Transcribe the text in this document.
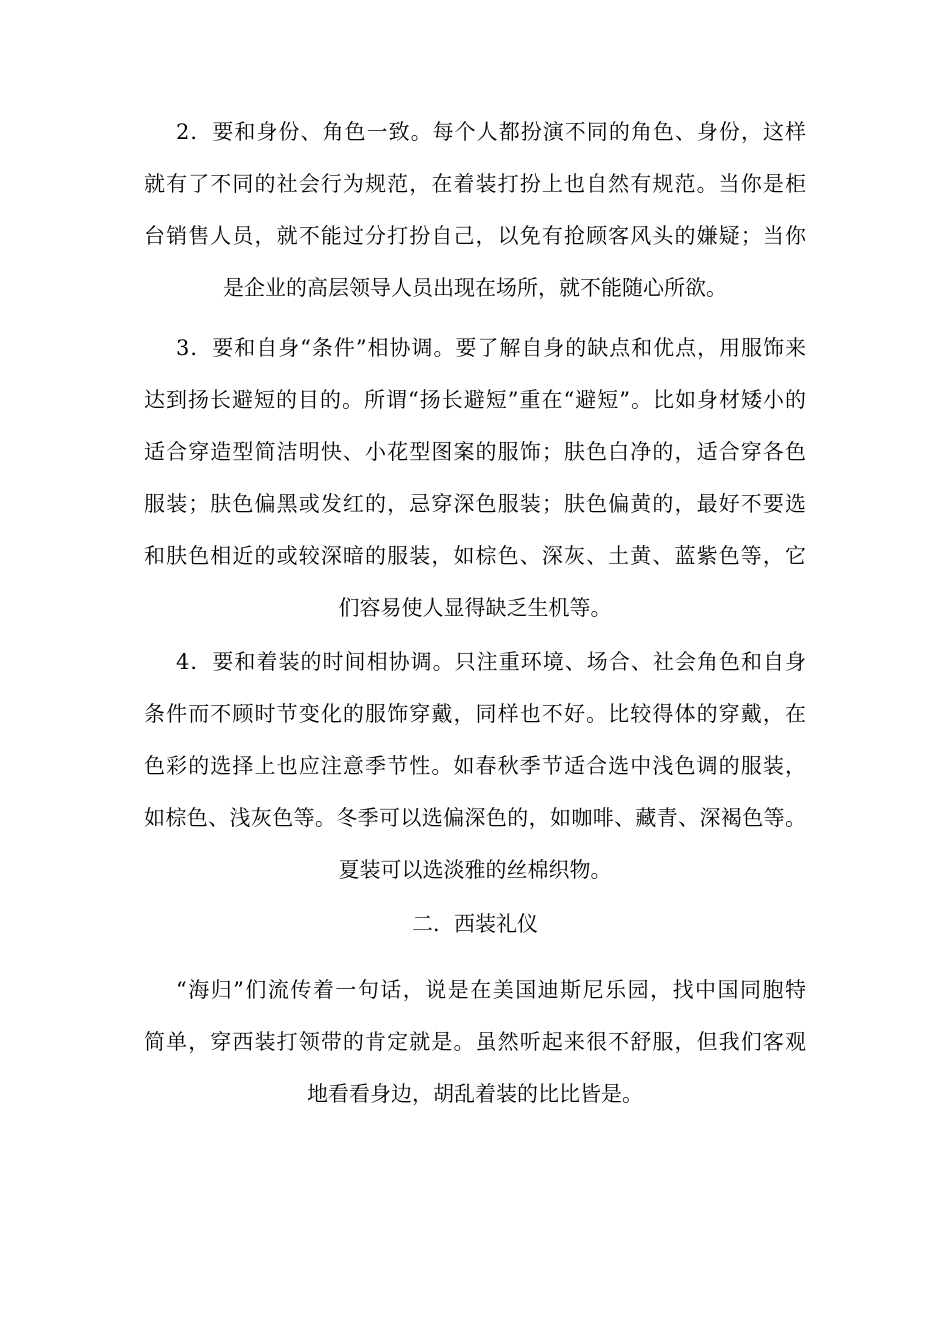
2．要和身份、角色一致。每个人都扮演不同的角色、身份，这样
就有了不同的社会行为规范，在着装打扮上也自然有规范。当你是柜
台销售人员，就不能过分打扮自己，以免有抢顾客风头的嫌疑；当你
是企业的高层领导人员出现在场所，就不能随心所欲。
3．要和自身“条件”相协调。要了解自身的缺点和优点，用服饰来
达到扬长避短的目的。所谓“扬长避短”重在“避短”。比如身材矮小的
适合穿造型简洁明快、小花型图案的服饰；肤色白净的，适合穿各色
服装；肤色偏黑或发红的，忌穿深色服装；肤色偏黄的，最好不要选
和肤色相近的或较深暗的服装，如棕色、深灰、土黄、蓝紫色等，它
们容易使人显得缺乏生机等。
4．要和着装的时间相协调。只注重环境、场合、社会角色和自身
条件而不顾时节变化的服饰穿戴，同样也不好。比较得体的穿戴，在
色彩的选择上也应注意季节性。如春秋季节适合选中浅色调的服装，
如棕色、浅灰色等。冬季可以选偏深色的，如咖啡、藏青、深褐色等。
夏装可以选淡雅的丝棉织物。
二．西装礼仪
“海归”们流传着一句话，说是在美国迪斯尼乐园，找中国同胞特
简单，穿西装打领带的肯定就是。虽然听起来很不舒服，但我们客观
地看看身边，胡乱着装的比比皆是。
